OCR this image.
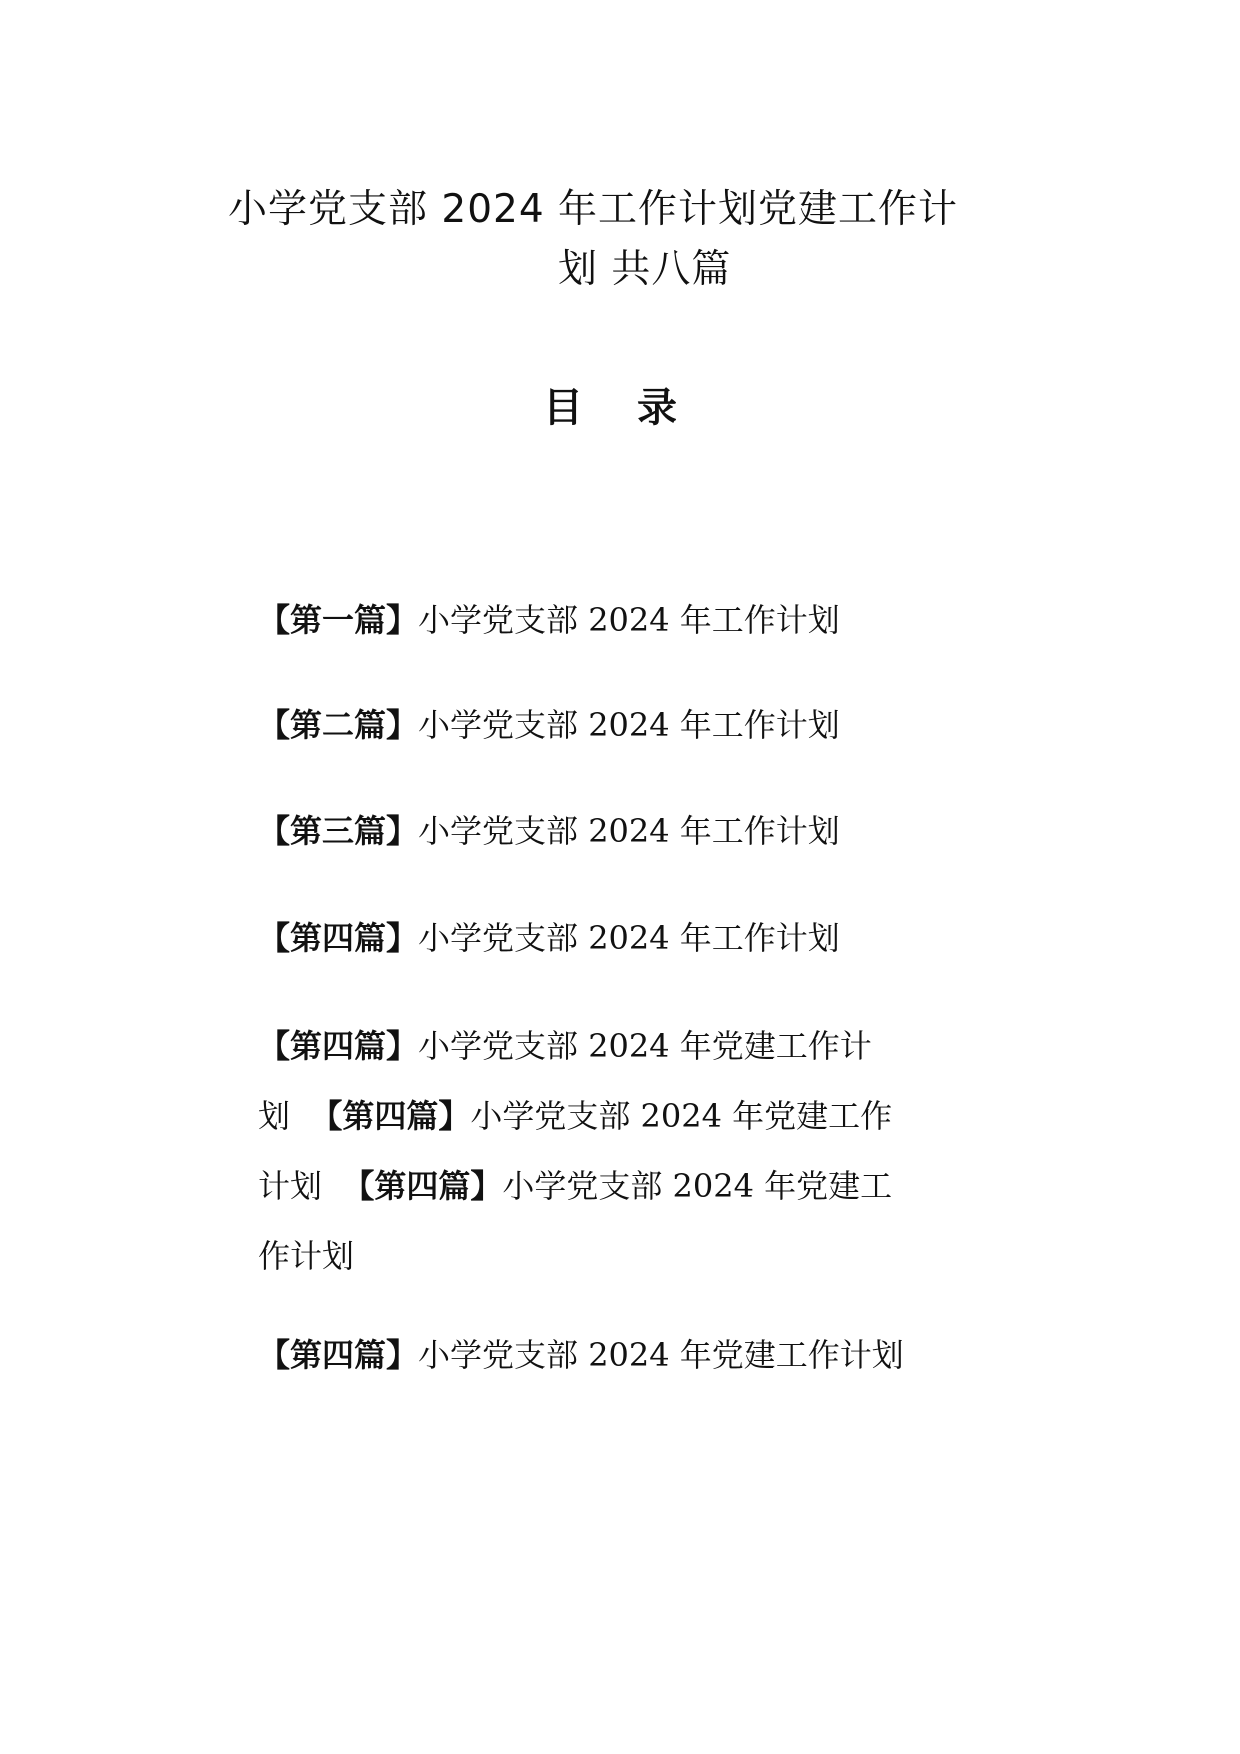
小学党支部 2024 年工作计划党建工作计
划 共八篇
目 录
【第一篇】小学党支部 2024 年工作计划
【第二篇】小学党支部 2024 年工作计划
【第三篇】小学党支部 2024 年工作计划
【第四篇】小学党支部 2024 年工作计划
【第四篇】小学党支部 2024 年党建工作计划 【第四篇】小学党支部 2024 年党建工作计划 【第四篇】小学党支部 2024 年党建工作计划
【第四篇】小学党支部 2024 年党建工作计划
